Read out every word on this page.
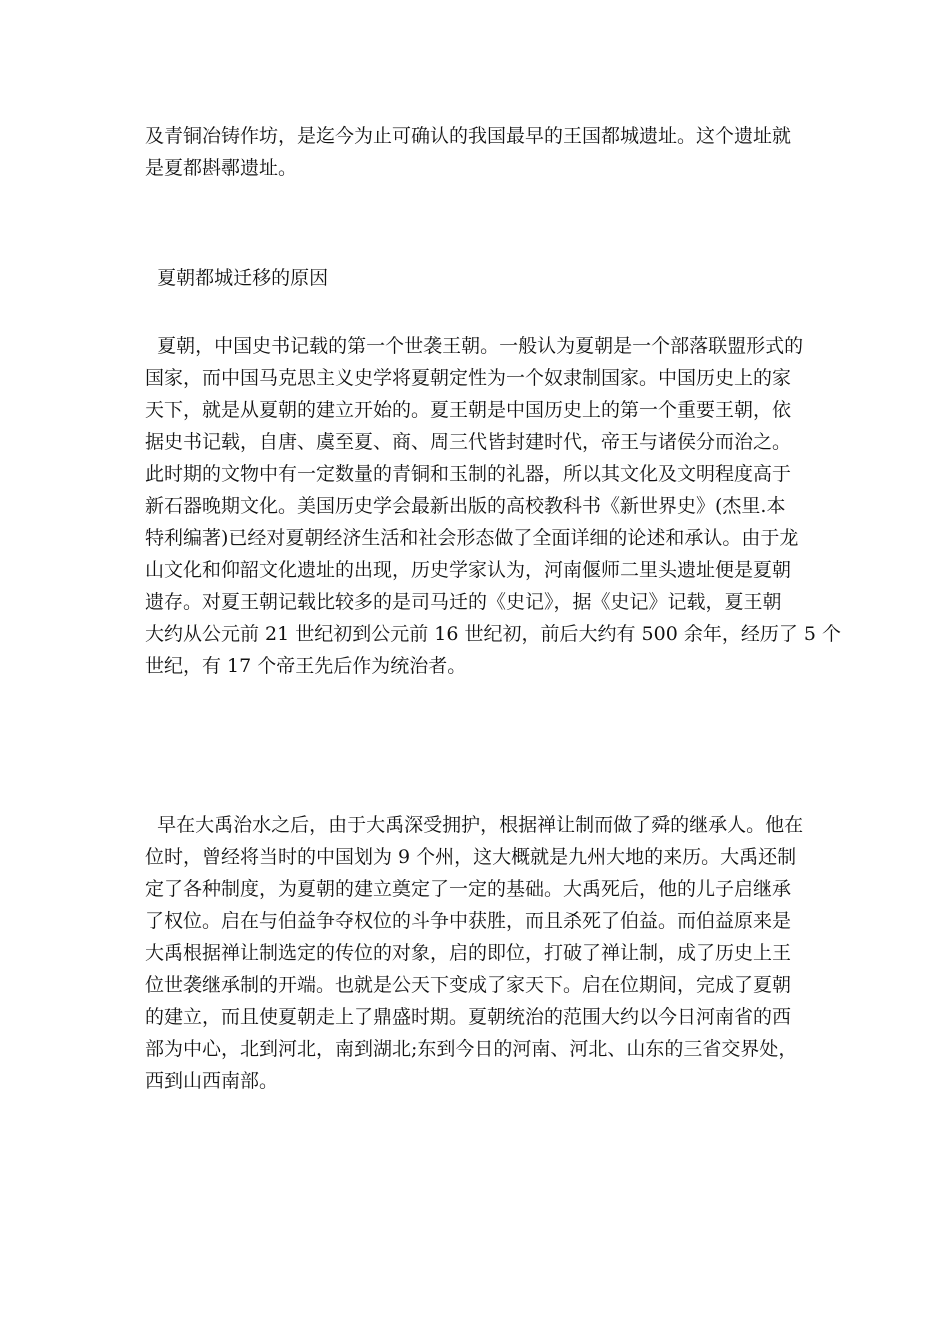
及青铜冶铸作坊，是迄今为止可确认的我国最早的王国都城遗址。这个遗址就
是夏都斟鄩遗址。
夏朝都城迁移的原因
夏朝，中国史书记载的第一个世袭王朝。一般认为夏朝是一个部落联盟形式的
国家，而中国马克思主义史学将夏朝定性为一个奴隶制国家。中国历史上的家
天下，就是从夏朝的建立开始的。夏王朝是中国历史上的第一个重要王朝，依
据史书记载，自唐、虞至夏、商、周三代皆封建时代，帝王与诸侯分而治之。
此时期的文物中有一定数量的青铜和玉制的礼器，所以其文化及文明程度高于
新石器晚期文化。美国历史学会最新出版的高校教科书《新世界史》(杰里.本
特利编著)已经对夏朝经济生活和社会形态做了全面详细的论述和承认。由于龙
山文化和仰韶文化遗址的出现，历史学家认为，河南偃师二里头遗址便是夏朝
遗存。对夏王朝记载比较多的是司马迁的《史记》，据《史记》记载，夏王朝
大约从公元前 21 世纪初到公元前 16 世纪初，前后大约有 500 余年，经历了 5 个
世纪，有 17 个帝王先后作为统治者。
早在大禹治水之后，由于大禹深受拥护，根据禅让制而做了舜的继承人。他在
位时，曾经将当时的中国划为 9 个州，这大概就是九州大地的来历。大禹还制
定了各种制度，为夏朝的建立奠定了一定的基础。大禹死后，他的儿子启继承
了权位。启在与伯益争夺权位的斗争中获胜，而且杀死了伯益。而伯益原来是
大禹根据禅让制选定的传位的对象，启的即位，打破了禅让制，成了历史上王
位世袭继承制的开端。也就是公天下变成了家天下。启在位期间，完成了夏朝
的建立，而且使夏朝走上了鼎盛时期。夏朝统治的范围大约以今日河南省的西
部为中心，北到河北，南到湖北;东到今日的河南、河北、山东的三省交界处，
西到山西南部。
